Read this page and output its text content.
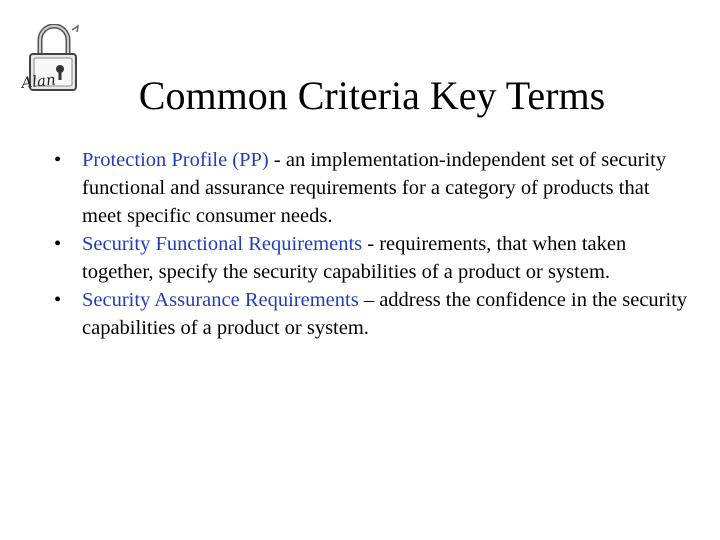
Alan	Common Criteria Key Terms
• Protection Profile (PP) - an implementation-independent set of security functional and assurance requirements for a category of products that meet specific consumer needs.
• Security Functional Requirements - requirements, that when taken together, specify the security capabilities of a product or system.
• Security Assurance Requirements – address the confidence in the security capabilities of a product or system.
